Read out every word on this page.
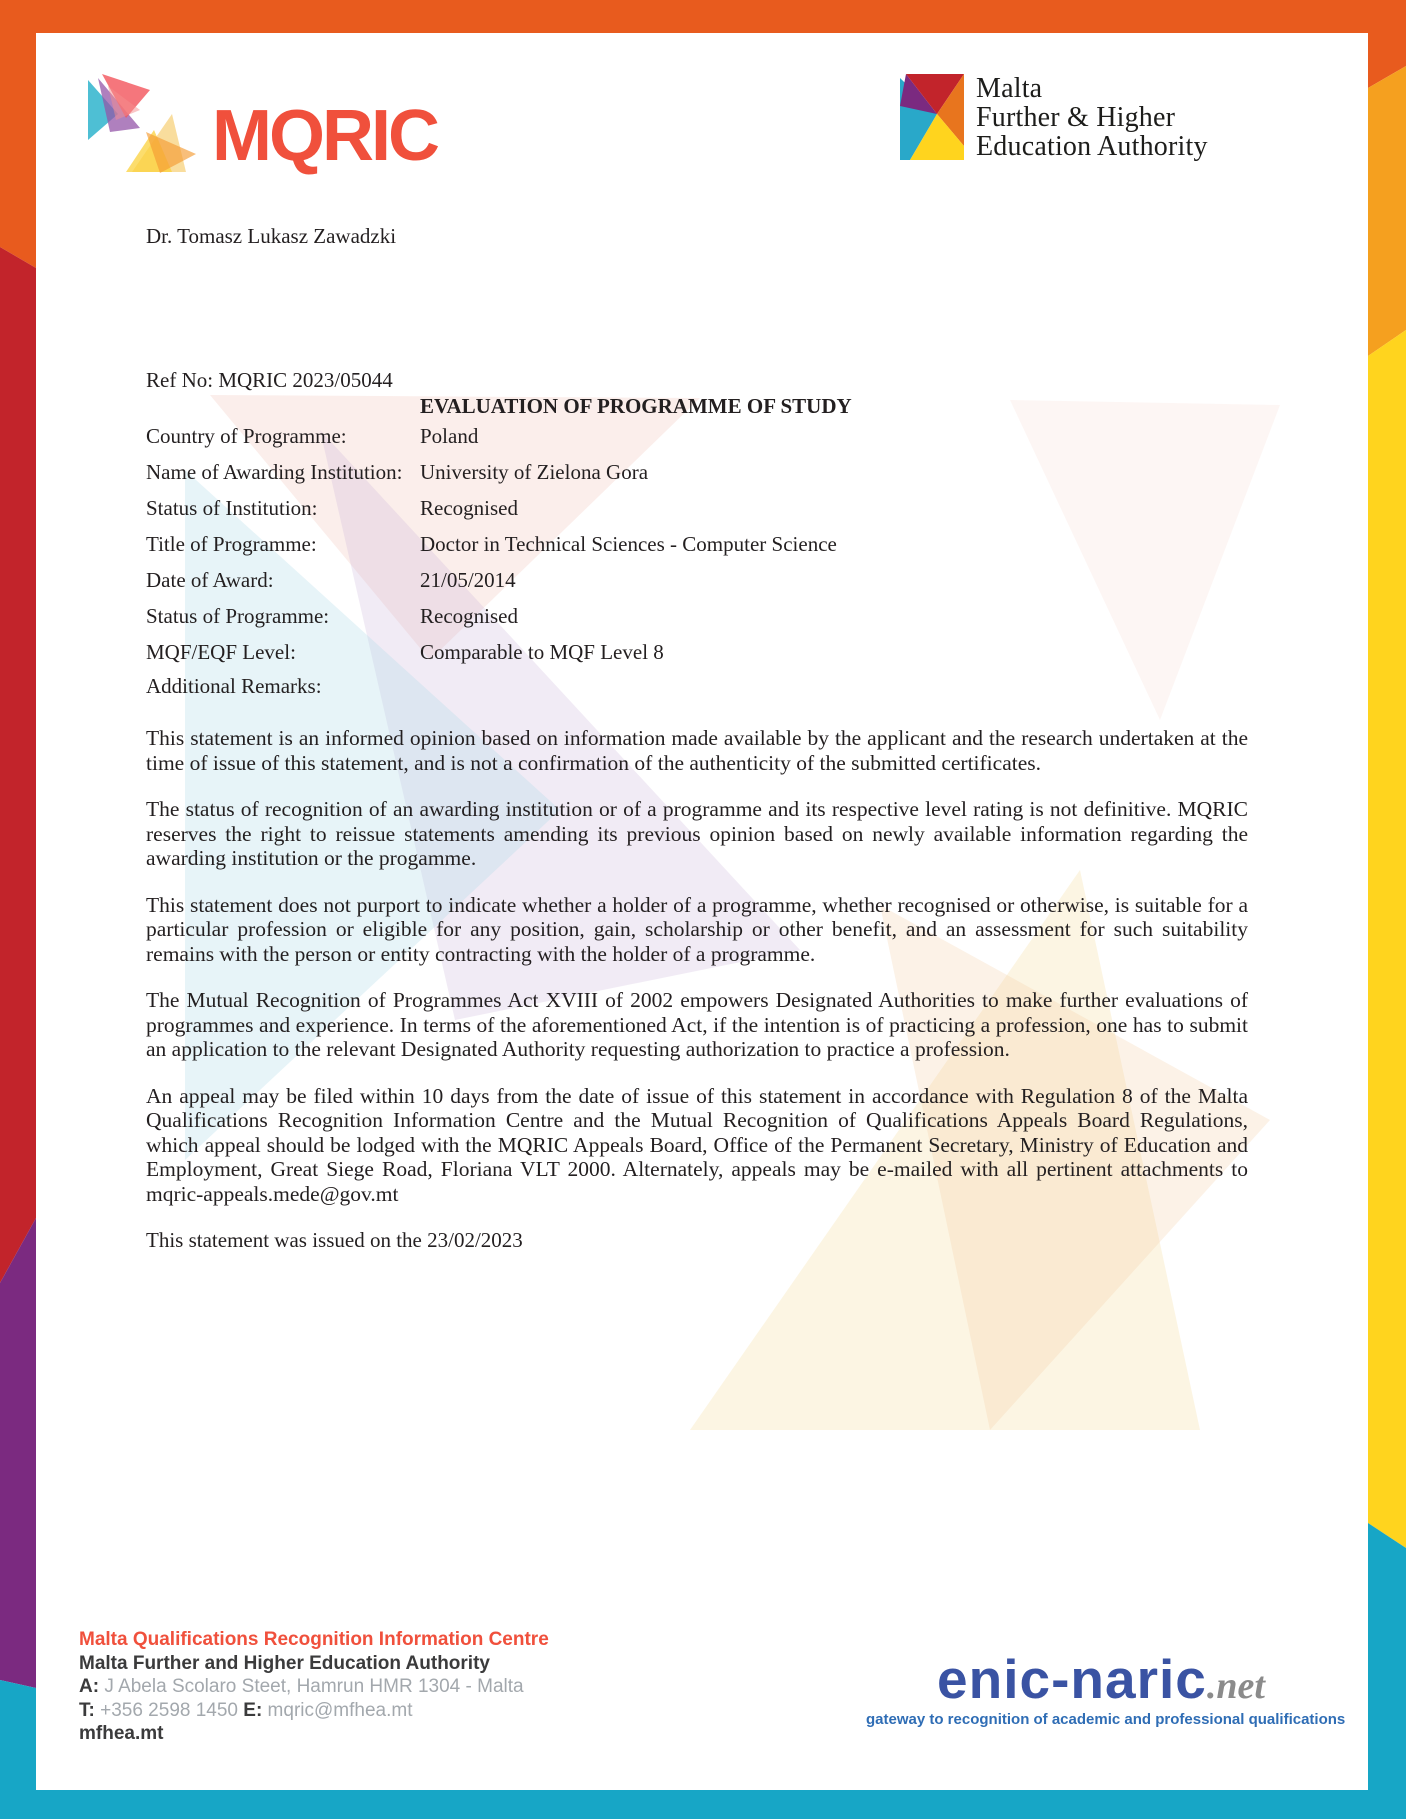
MQRIC
Malta
Further & Higher
Education Authority
Dr. Tomasz Lukasz Zawadzki
Ref No: MQRIC 2023/05044
EVALUATION OF PROGRAMME OF STUDY
Country of Programme:	Poland
Name of Awarding Institution: University of Zielona Gora
Status of Institution:	Recognised
Title of Programme:	Doctor in Technical Sciences - Computer Science
Date of Award:	21/05/2014
Status of Programme:	Recognised
MQF/EQF Level:	Comparable to MQF Level 8
Additional Remarks:

This statement is an informed opinion based on information made available by the applicant and the research undertaken at the time of issue of this statement, and is not a confirmation of the authenticity of the submitted certificates.

The status of recognition of an awarding institution or of a programme and its respective level rating is not definitive. MQRIC reserves the right to reissue statements amending its previous opinion based on newly available information regarding the awarding institution or the progamme.

This statement does not purport to indicate whether a holder of a programme, whether recognised or otherwise, is suitable for a particular profession or eligible for any position, gain, scholarship or other benefit, and an assessment for such suitability remains with the person or entity contracting with the holder of a programme.

The Mutual Recognition of Programmes Act XVIII of 2002 empowers Designated Authorities to make further evaluations of programmes and experience. In terms of the aforementioned Act, if the intention is of practicing a profession, one has to submit an application to the relevant Designated Authority requesting authorization to practice a profession.

An appeal may be filed within 10 days from the date of issue of this statement in accordance with Regulation 8 of the Malta Qualifications Recognition Information Centre and the Mutual Recognition of Qualifications Appeals Board Regulations, which appeal should be lodged with the MQRIC Appeals Board, Office of the Permanent Secretary, Ministry of Education and Employment, Great Siege Road, Floriana VLT 2000. Alternately, appeals may be e-mailed with all pertinent attachments to mqric-appeals.mede@gov.mt

This statement was issued on the 23/02/2023
Malta Qualifications Recognition Information Centre
Malta Further and Higher Education Authority
A: J Abela Scolaro Steet, Hamrun HMR 1304 - Malta
T: +356 2598 1450 E: mqric@mfhea.mt
mfhea.mt
enic-naric.net
gateway to recognition of academic and professional qualifications
